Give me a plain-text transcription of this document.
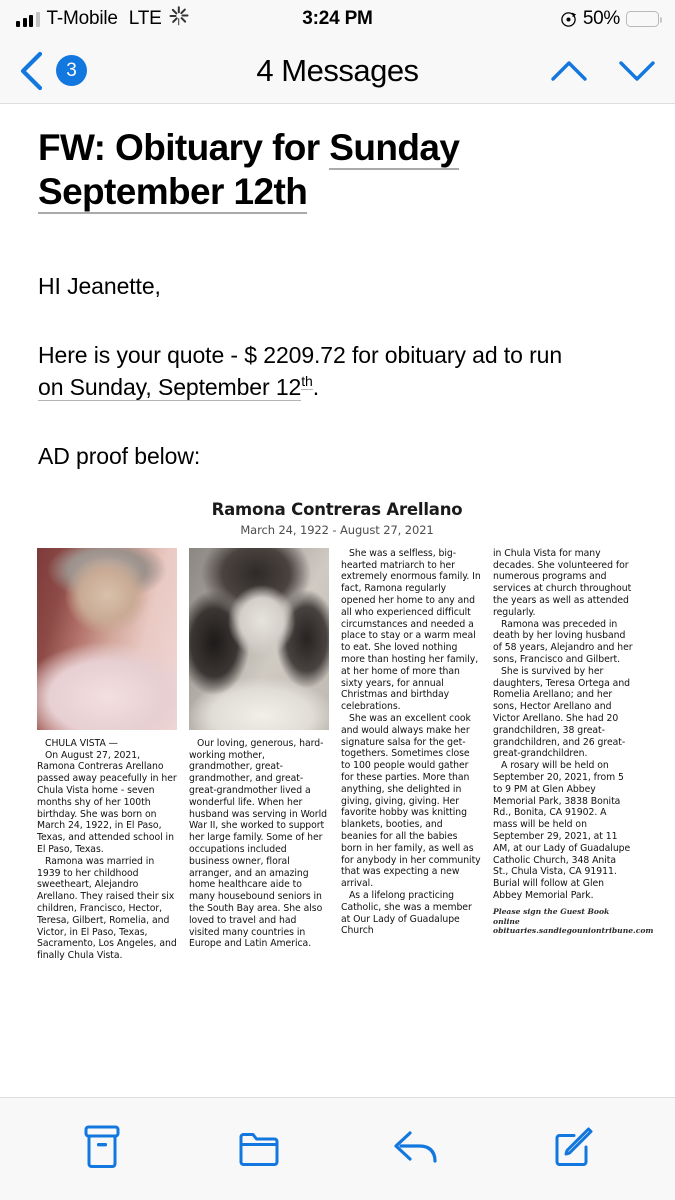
T-Mobile LTE	3:24 PM	50%
3	4 Messages
FW: Obituary for Sunday
September 12th
HI Jeanette,
Here is your quote - $ 2209.72 for obituary ad to run
on Sunday, September 12th.
AD proof below:
Ramona Contreras Arellano
March 24, 1922 - August 27, 2021

CHULA VISTA —

On August 27, 2021, Ramona Contreras Arellano passed away peacefully in her Chula Vista home - seven months shy of her 100th birthday. She was born on March 24, 1922, in El Paso, Texas, and attended school in El Paso, Texas.

Ramona was married in 1939 to her childhood sweetheart, Alejandro Arellano. They raised their six children, Francisco, Hector, Teresa, Gilbert, Romelia, and Victor, in El Paso, Texas, Sacramento, Los Angeles, and finally Chula Vista.

Our loving, generous, hard-working mother, grandmother, great-grandmother, and great-great-grandmother lived a wonderful life. When her husband was serving in World War II, she worked to support her large family. Some of her occupations included business owner, floral arranger, and an amazing home healthcare aide to many housebound seniors in the South Bay area. She also loved to travel and had visited many countries in Europe and Latin America.

She was a selfless, big-hearted matriarch to her extremely enormous family. In fact, Ramona regularly opened her home to any and all who experienced difficult circumstances and needed a place to stay or a warm meal to eat. She loved nothing more than hosting her family, at her home of more than sixty years, for annual Christmas and birthday celebrations.

She was an excellent cook and would always make her signature salsa for the get-togethers. Sometimes close to 100 people would gather for these parties. More than anything, she delighted in giving, giving, giving. Her favorite hobby was knitting blankets, booties, and beanies for all the babies born in her family, as well as for anybody in her community that was expecting a new arrival.

As a lifelong practicing Catholic, she was a member at Our Lady of Guadalupe Church

in Chula Vista for many decades. She volunteered for numerous programs and services at church throughout the years as well as attended regularly.

Ramona was preceded in death by her loving husband of 58 years, Alejandro and her sons, Francisco and Gilbert.

She is survived by her daughters, Teresa Ortega and Romelia Arellano; and her sons, Hector Arellano and Victor Arellano. She had 20 grandchildren, 38 great-grandchildren, and 26 great-great-grandchildren.

A rosary will be held on September 20, 2021, from 5 to 9 PM at Glen Abbey Memorial Park, 3838 Bonita Rd., Bonita, CA 91902. A mass will be held on September 29, 2021, at 11 AM, at our Lady of Guadalupe Catholic Church, 348 Anita St., Chula Vista, CA 91911. Burial will follow at Glen Abbey Memorial Park.

Please sign the Guest Book online
obituaries.sandiegouniontribune.com
